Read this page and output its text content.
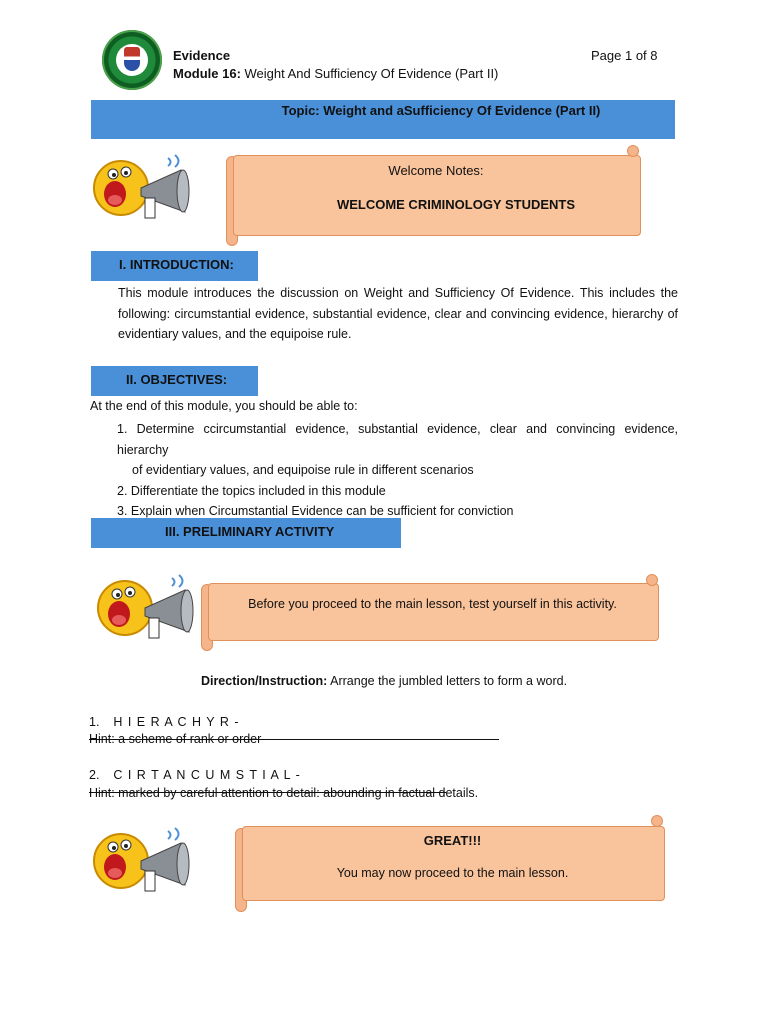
Evidence
Module 16: Weight And Sufficiency Of Evidence (Part II)
Page 1 of 8
Topic: Weight and aSufficiency Of Evidence (Part II)
Welcome Notes:
WELCOME CRIMINOLOGY STUDENTS
I. INTRODUCTION:
This module introduces the discussion on Weight and Sufficiency Of Evidence. This includes the
following: circumstantial evidence, substantial evidence, clear and convincing evidence, hierarchy of
evidentiary values, and the equipoise rule.
II. OBJECTIVES:
At the end of this module, you should be able to:
1. Determine ccircumstantial evidence, substantial evidence, clear and convincing evidence, hierarchy
of evidentiary values, and equipoise rule in different scenarios
2. Differentiate the topics included in this module
3. Explain when Circumstantial Evidence can be sufficient for conviction
III. PRELIMINARY ACTIVITY
Before you proceed to the main lesson, test yourself in this activity.
Direction/Instruction: Arrange the jumbled letters to form a word.
1. H I E R A C H Y R -
Hint: a scheme of rank or order
2. C I R T A N C U M S T I A L -
Hint: marked by careful attention to detail: abounding in factual details.
GREAT!!!
You may now proceed to the main lesson.
